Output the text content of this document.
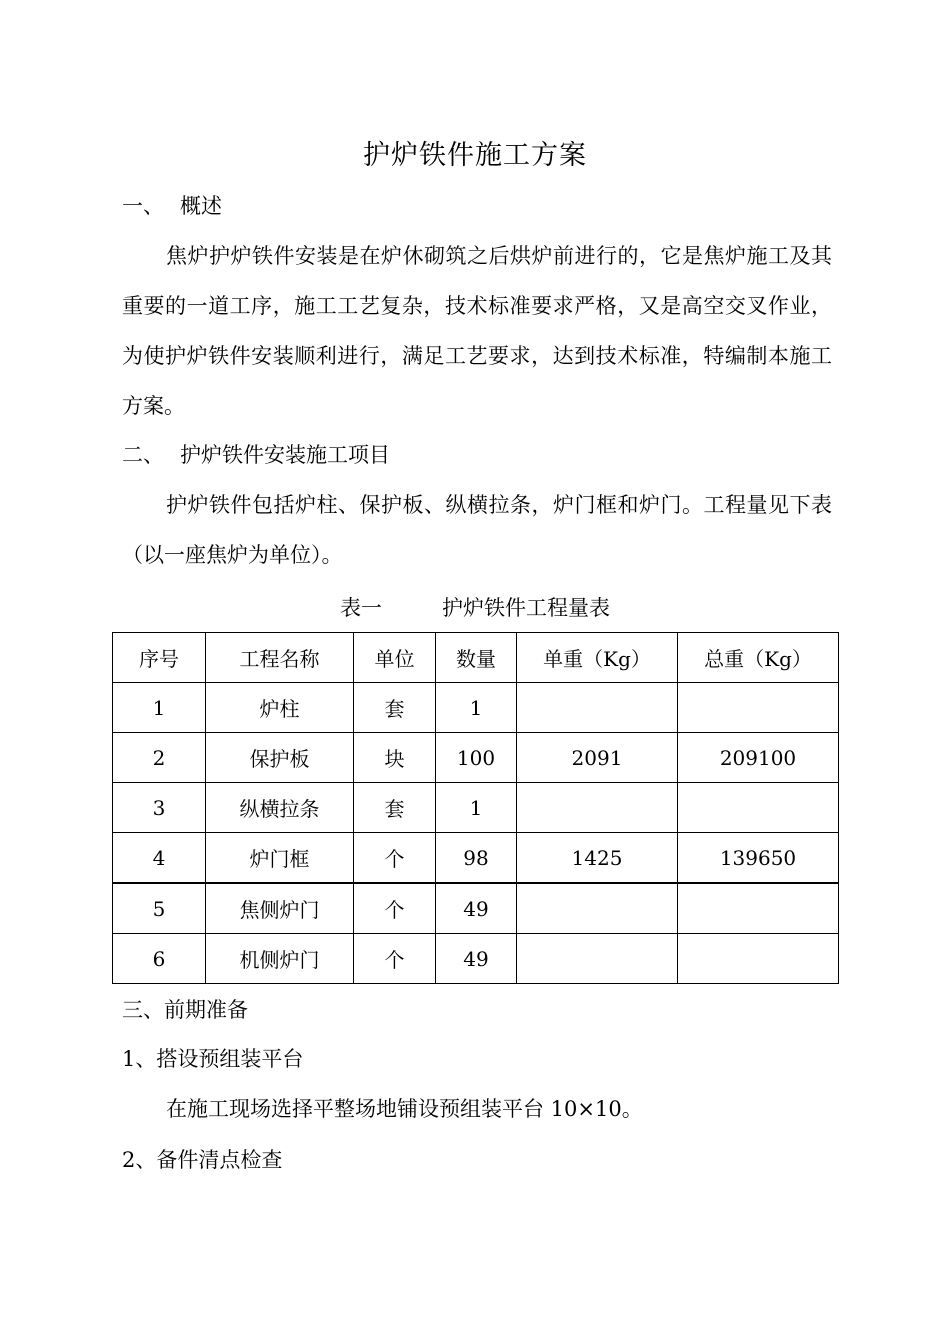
护炉铁件施工方案
一、 概述
焦炉护炉铁件安装是在炉休砌筑之后烘炉前进行的，它是焦炉施工及其重要的一道工序，施工工艺复杂，技术标准要求严格，又是高空交叉作业，为使护炉铁件安装顺利进行，满足工艺要求，达到技术标准，特编制本施工方案。
二、 护炉铁件安装施工项目
护炉铁件包括炉柱、保护板、纵横拉条，炉门框和炉门。工程量见下表（以一座焦炉为单位）。
表一	护炉铁件工程量表
序号	工程名称	单位	数量	单重（Kg）	总重（Kg）
1	炉柱	套	1		
2	保护板	块	100	2091	209100
3	纵横拉条	套	1		
4	炉门框	个	98	1425	139650
5	焦侧炉门	个	49		
6	机侧炉门	个	49		
三、前期准备
1、搭设预组装平台
在施工现场选择平整场地铺设预组装平台 10×10。
2、备件清点检查
